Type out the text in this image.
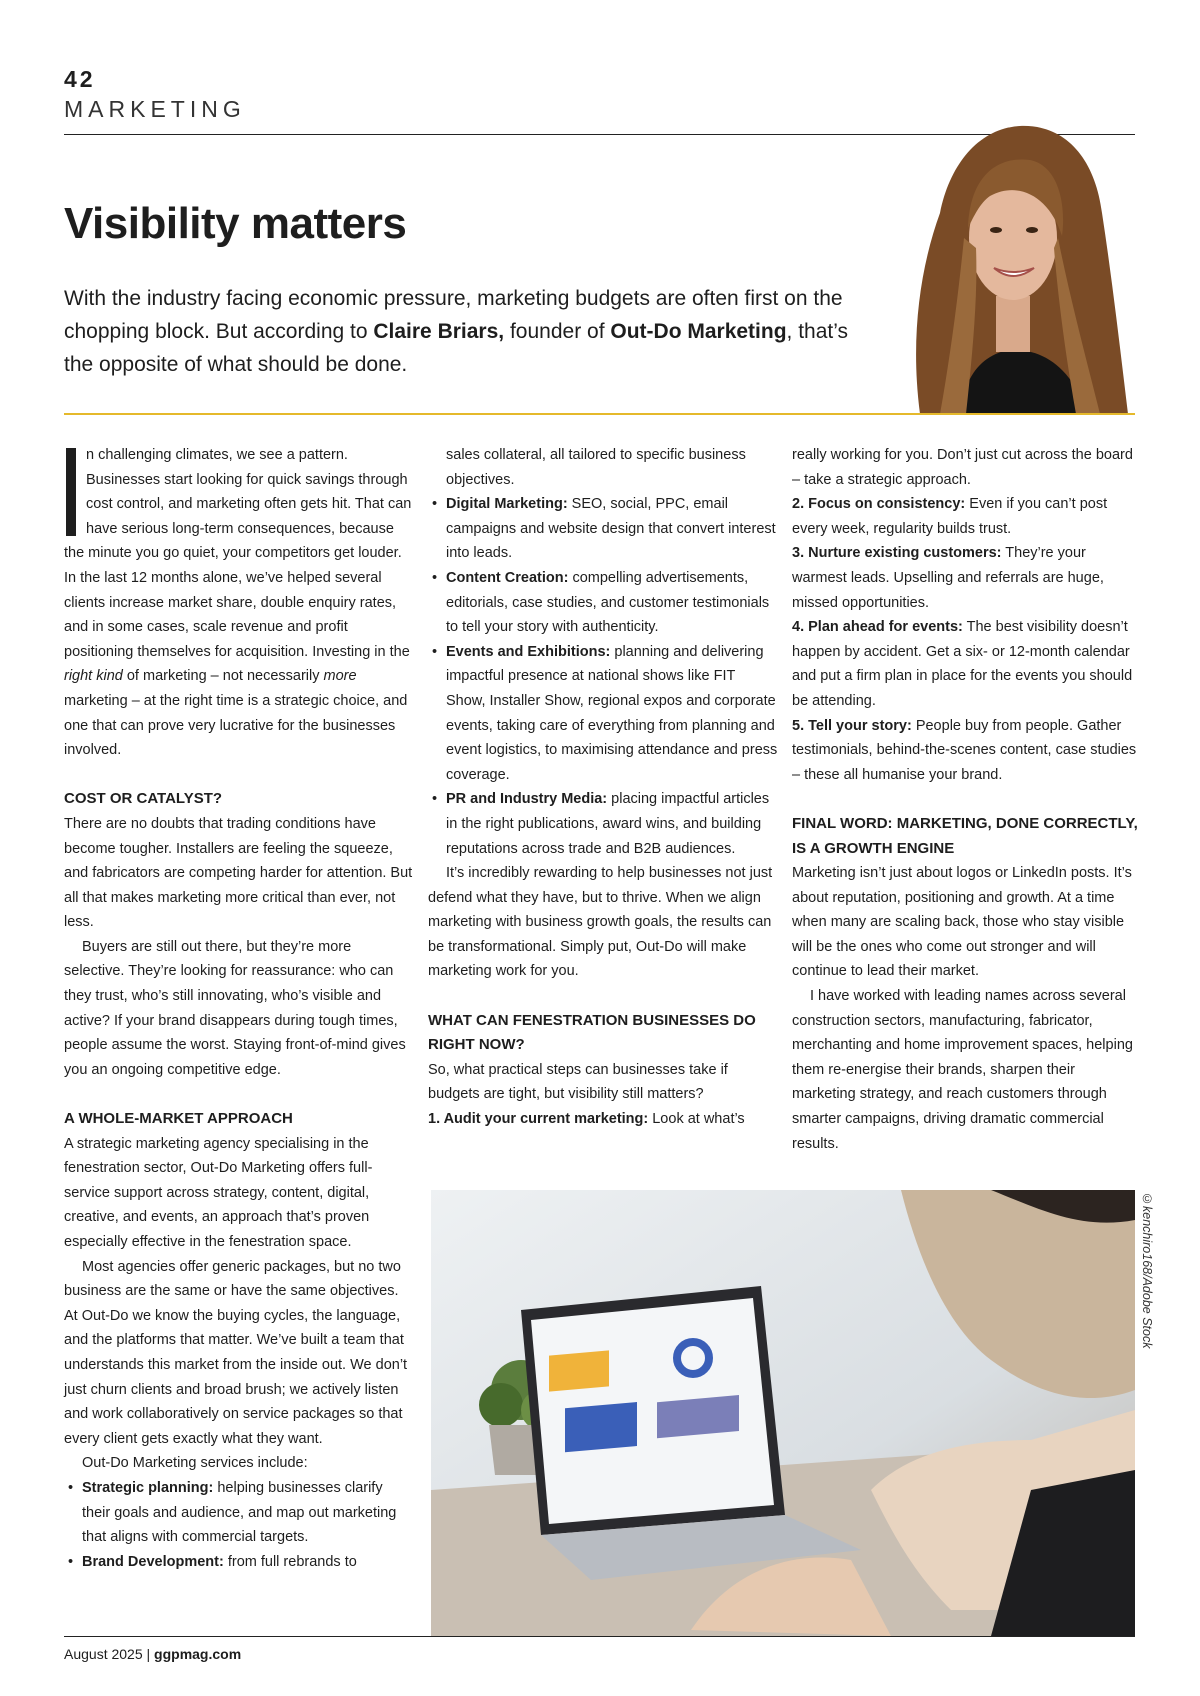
42
MARKETING
Visibility matters

With the industry facing economic pressure, marketing budgets are often first on the chopping block. But according to Claire Briars, founder of Out-Do Marketing, that’s the opposite of what should be done.

n challenging climates, we see a pattern. Businesses start looking for quick savings through cost control, and marketing often gets hit. That can have serious long-term consequences, because the minute you go quiet, your competitors get louder. In the last 12 months alone, we’ve helped several clients increase market share, double enquiry rates, and in some cases, scale revenue and profit positioning themselves for acquisition. Investing in the right kind of marketing – not necessarily more marketing – at the right time is a strategic choice, and one that can prove very lucrative for the businesses involved.

COST OR CATALYST?

There are no doubts that trading conditions have become tougher. Installers are feeling the squeeze, and fabricators are competing harder for attention. But all that makes marketing more critical than ever, not less.

Buyers are still out there, but they’re more selective. They’re looking for reassurance: who can they trust, who’s still innovating, who’s visible and active? If your brand disappears during tough times, people assume the worst. Staying front-of-mind gives you an ongoing competitive edge.

A WHOLE-MARKET APPROACH

A strategic marketing agency specialising in the fenestration sector, Out-Do Marketing offers full-service support across strategy, content, digital, creative, and events, an approach that’s proven especially effective in the fenestration space.

Most agencies offer generic packages, but no two business are the same or have the same objectives. At Out-Do we know the buying cycles, the language, and the platforms that matter. We’ve built a team that understands this market from the inside out. We don’t just churn clients and broad brush; we actively listen and work collaboratively on service packages so that every client gets exactly what they want.

Out-Do Marketing services include:

• Strategic planning: helping businesses clarify their goals and audience, and map out marketing that aligns with commercial targets.
• Brand Development: from full rebrands to

sales collateral, all tailored to specific business objectives.

• Digital Marketing: SEO, social, PPC, email campaigns and website design that convert interest into leads.
• Content Creation: compelling advertisements, editorials, case studies, and customer testimonials to tell your story with authenticity.
• Events and Exhibitions: planning and delivering impactful presence at national shows like FIT Show, Installer Show, regional expos and corporate events, taking care of everything from planning and event logistics, to maximising attendance and press coverage.
• PR and Industry Media: placing impactful articles in the right publications, award wins, and building reputations across trade and B2B audiences.

It’s incredibly rewarding to help businesses not just defend what they have, but to thrive. When we align marketing with business growth goals, the results can be transformational. Simply put, Out-Do will make marketing work for you.

WHAT CAN FENESTRATION BUSINESSES DO RIGHT NOW?

So, what practical steps can businesses take if budgets are tight, but visibility still matters?

1. Audit your current marketing: Look at what’s

really working for you. Don’t just cut across the board – take a strategic approach.

2. Focus on consistency: Even if you can’t post every week, regularity builds trust.

3. Nurture existing customers: They’re your warmest leads. Upselling and referrals are huge, missed opportunities.

4. Plan ahead for events: The best visibility doesn’t happen by accident. Get a six- or 12-month calendar and put a firm plan in place for the events you should be attending.

5. Tell your story: People buy from people. Gather testimonials, behind-the-scenes content, case studies – these all humanise your brand.

FINAL WORD: MARKETING, DONE CORRECTLY, IS A GROWTH ENGINE

Marketing isn’t just about logos or LinkedIn posts. It’s about reputation, positioning and growth. At a time when many are scaling back, those who stay visible will be the ones who come out stronger and will continue to lead their market.

I have worked with leading names across several construction sectors, manufacturing, fabricator, merchanting and home improvement spaces, helping them re-energise their brands, sharpen their marketing strategy, and reach customers through smarter campaigns, driving dramatic commercial results.

©kenchiro168/Adobe Stock
August 2025 | ggpmag.com
